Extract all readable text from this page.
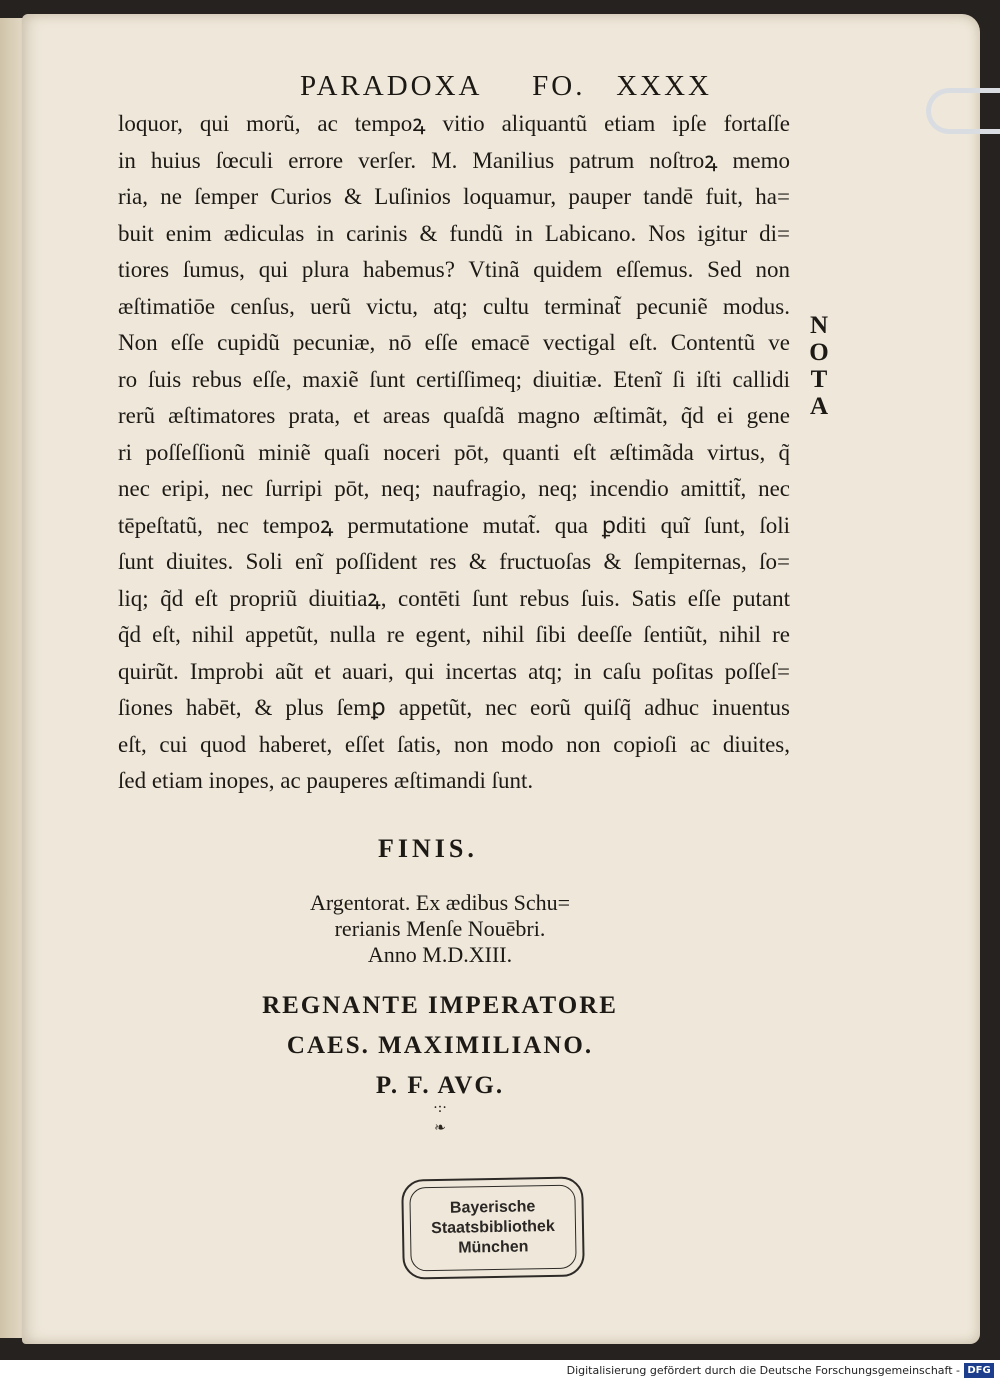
PARADOXA     FO.   XXXX
loquor, qui morũ, ac tempoꝝ vitio aliquantũ etiam ipſe fortaſſe
in huius ſœculi errore verſer. M. Manilius patrum noſtroꝝ memo
ria, ne ſemper Curios & Luſinios loquamur, pauper tandē fuit, ha=
buit enim ædiculas in carinis & fundũ in Labicano. Nos igitur di=
tiores ſumus, qui plura habemus? Vtinã quidem eſſemus. Sed non
æſtimatiōe cenſus, uerũ victu, atq; cultu terminat̃ pecuniẽ modus.
Non eſſe cupidũ pecuniæ, nō eſſe emacē vectigal eſt. Contentũ ve
ro ſuis rebus eſſe, maxiẽ ſunt certiſſimeq; diuitiæ. Etenĩ ſi iſti callidi
rerũ æſtimatores prata, et areas quaſdã magno æſtimãt, q̃d ei gene
ri poſſeſſionũ miniẽ quaſi noceri pōt, quanti eſt æſtimãda virtus, q̃
nec eripi, nec ſurripi pōt, neq; naufragio, neq; incendio amittit̃, nec
tēpeſtatũ, nec tempoꝝ permutatione mutat̃. qua ꝑditi quĩ ſunt, ſoli
ſunt diuites. Soli enĩ poſſident res & fructuoſas & ſempiternas, ſo=
liq; q̃d eſt propriũ diuitiaꝝ, contēti ſunt rebus ſuis. Satis eſſe putant
q̃d eſt, nihil appetũt, nulla re egent, nihil ſibi deeſſe ſentiũt, nihil re
quirũt. Improbi aũt et auari, qui incertas atq; in caſu poſitas poſſeſ=
ſiones habēt, & plus ſemꝑ appetũt, nec eorũ quiſq̃ adhuc inuentus
eſt, cui quod haberet, eſſet ſatis, non modo non copioſi ac diuites,
ſed etiam inopes, ac pauperes æſtimandi ſunt.
N
O
T
A
FINIS.
Argentorat. Ex ædibus Schu=
rerianis Menſe Nouēbri.
Anno M.D.XIII.
REGNANTE IMPERATORE
CAES. MAXIMILIANO.
P. F. AVG.
·:·
❧
Bayerische
Staatsbibliothek
München
Digitalisierung gefördert durch die Deutsche Forschungsgemeinschaft - DFG
